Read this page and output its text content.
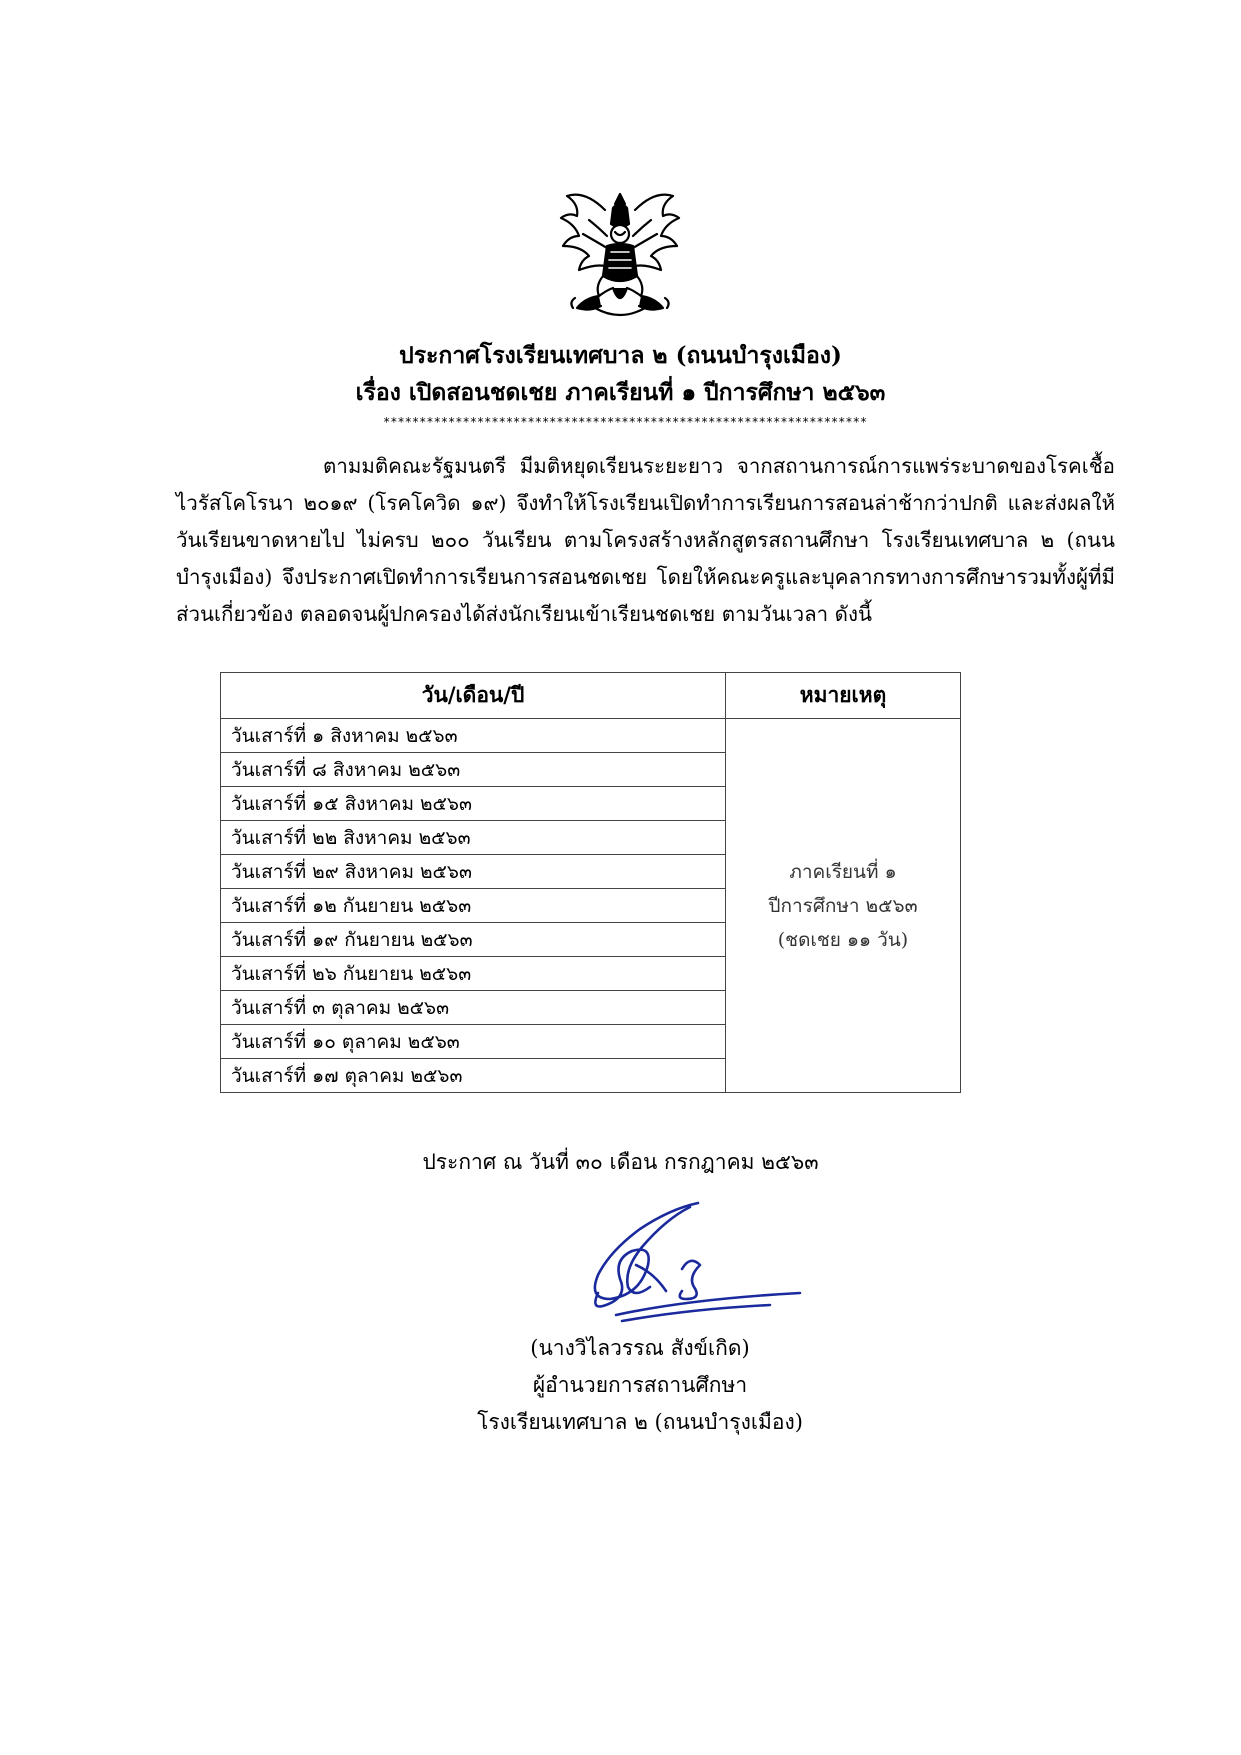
ประกาศโรงเรียนเทศบาล ๒ (ถนนบำรุงเมือง)
เรื่อง เปิดสอนชดเชย ภาคเรียนที่ ๑ ปีการศึกษา ๒๕๖๓
*******************************************************************
ตามมติคณะรัฐมนตรี มีมติหยุดเรียนระยะยาว จากสถานการณ์การแพร่ระบาดของโรคเชื้อไวรัสโคโรนา ๒๐๑๙ (โรคโควิด ๑๙) จึงทำให้โรงเรียนเปิดทำการเรียนการสอนล่าช้ากว่าปกติ และส่งผลให้วันเรียนขาดหายไป ไม่ครบ ๒๐๐ วันเรียน ตามโครงสร้างหลักสูตรสถานศึกษา โรงเรียนเทศบาล ๒ (ถนนบำรุงเมือง) จึงประกาศเปิดทำการเรียนการสอนชดเชย โดยให้คณะครูและบุคลากรทางการศึกษารวมทั้งผู้ที่มีส่วนเกี่ยวข้อง ตลอดจนผู้ปกครองได้ส่งนักเรียนเข้าเรียนชดเชย ตามวันเวลา ดังนี้
วัน/เดือน/ปี	หมายเหตุ
วันเสาร์ที่ ๑ สิงหาคม ๒๕๖๓	ภาคเรียนที่ ๑
ปีการศึกษา ๒๕๖๓
(ชดเชย ๑๑ วัน)

วันเสาร์ที่ ๘ สิงหาคม ๒๕๖๓	
วันเสาร์ที่ ๑๕ สิงหาคม ๒๕๖๓	
วันเสาร์ที่ ๒๒ สิงหาคม ๒๕๖๓	
วันเสาร์ที่ ๒๙ สิงหาคม ๒๕๖๓	
วันเสาร์ที่ ๑๒ กันยายน ๒๕๖๓	
วันเสาร์ที่ ๑๙ กันยายน ๒๕๖๓	
วันเสาร์ที่ ๒๖ กันยายน ๒๕๖๓	
วันเสาร์ที่ ๓ ตุลาคม ๒๕๖๓	
วันเสาร์ที่ ๑๐ ตุลาคม ๒๕๖๓	
วันเสาร์ที่ ๑๗ ตุลาคม ๒๕๖๓	
ประกาศ ณ วันที่ ๓๐ เดือน กรกฎาคม ๒๕๖๓
(นางวิไลวรรณ สังข์เกิด)
ผู้อำนวยการสถานศึกษา
โรงเรียนเทศบาล ๒ (ถนนบำรุงเมือง)
